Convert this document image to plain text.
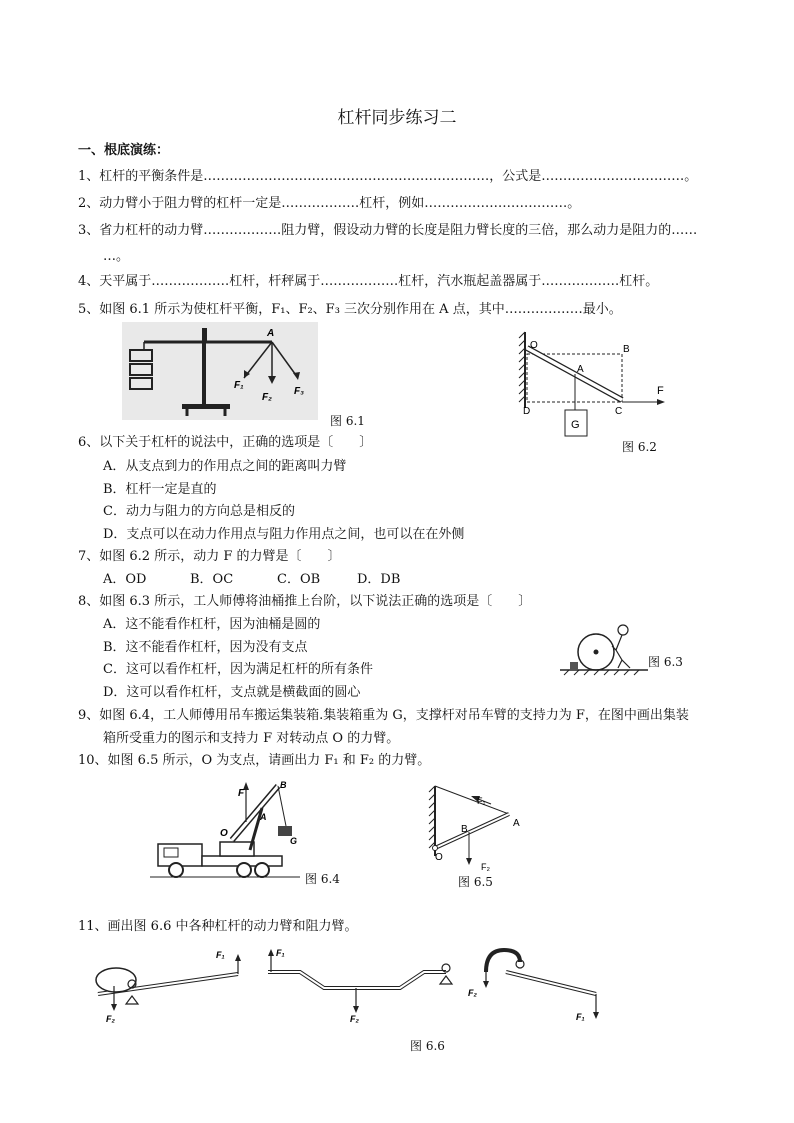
杠杆同步练习二
一、根底演练：
1、杠杆的平衡条件是…………………………………………………………，公式是……………………………。
2、动力臂小于阻力臂的杠杆一定是………………杠杆，例如……………………………。
3、省力杠杆的动力臂………………阻力臂，假设动力臂的长度是阻力臂长度的三倍，那么动力是阻力的……
…。
4、天平属于………………杠杆，杆秤属于………………杠杆，汽水瓶起盖器属于………………杠杆。
5、如图 6.1 所示为使杠杆平衡，F₁、F₂、F₃ 三次分别作用在 A 点，其中………………最小。
A
F₁
F₂
F₃
图 6.1
O	B
A
D	C
F
G
图 6.2
6、以下关于杠杆的说法中，正确的选项是〔　　〕
A．从支点到力的作用点之间的距离叫力臂
B．杠杆一定是直的
C．动力与阻力的方向总是相反的
D．支点可以在动力作用点与阻力作用点之间，也可以在在外侧
7、如图 6.2 所示，动力 F 的力臂是〔　　〕
A．OD	B．OC	C．OB	D．DB
8、如图 6.3 所示，工人师傅将油桶推上台阶，以下说法正确的选项是〔　　〕
A．这不能看作杠杆，因为油桶是圆的
B．这不能看作杠杆，因为没有支点
C．这可以看作杠杆，因为满足杠杆的所有条件
D．这可以看作杠杆，支点就是横截面的圆心
图 6.3
9、如图 6.4，工人师傅用吊车搬运集装箱.集装箱重为 G，支撑杆对吊车臂的支持力为 F，在图中画出集装
箱所受重力的图示和支持力 F 对转动点 O 的力臂。
10、如图 6.5 所示，O 为支点，请画出力 F₁ 和 F₂ 的力臂。
F
B
A
O
G
图 6.4
F₁
B
A
O
F₂
图 6.5
11、画出图 6.6 中各种杠杆的动力臂和阻力臂。
F₁
F₂
F₁
F₂
F₂
F₁
图 6.6
